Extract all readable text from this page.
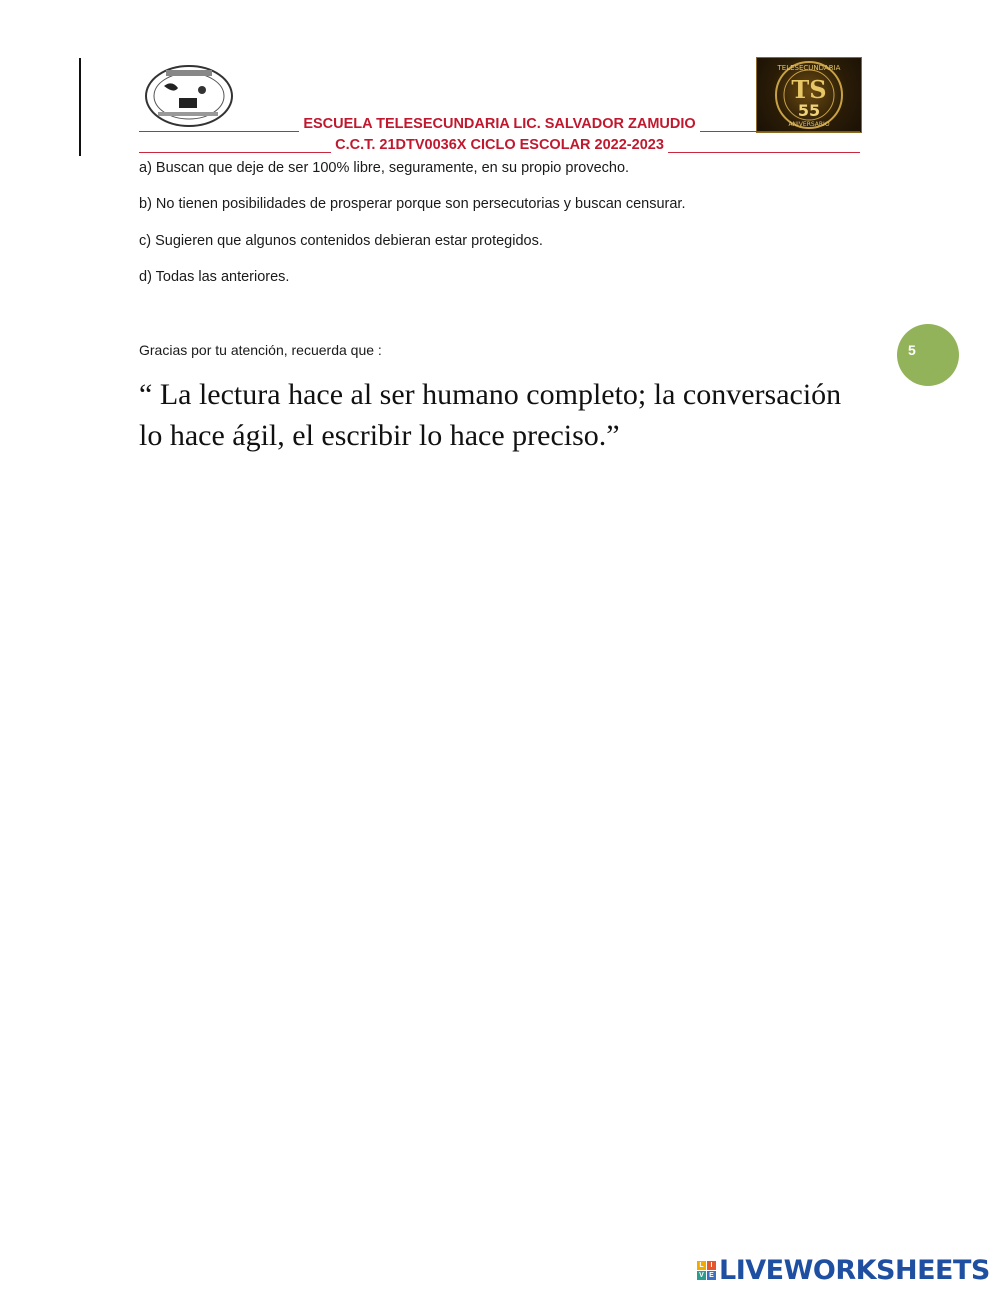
TELESECUNDARIA
TS
55
ANIVERSARIO
ESCUELA TELESECUNDARIA LIC. SALVADOR ZAMUDIO
C.C.T. 21DTV0036X CICLO ESCOLAR 2022-2023
a) Buscan que deje de ser 100% libre, seguramente, en su propio provecho.
b) No tienen posibilidades de prosperar porque son persecutorias y buscan censurar.
c) Sugieren que algunos contenidos debieran estar protegidos.
d) Todas las anteriores.
Gracias por tu atención, recuerda que :
“ La lectura hace al ser humano completo; la conversación lo hace ágil, el escribir lo hace preciso.”
5
L I
V E LIVEWORKSHEETS
